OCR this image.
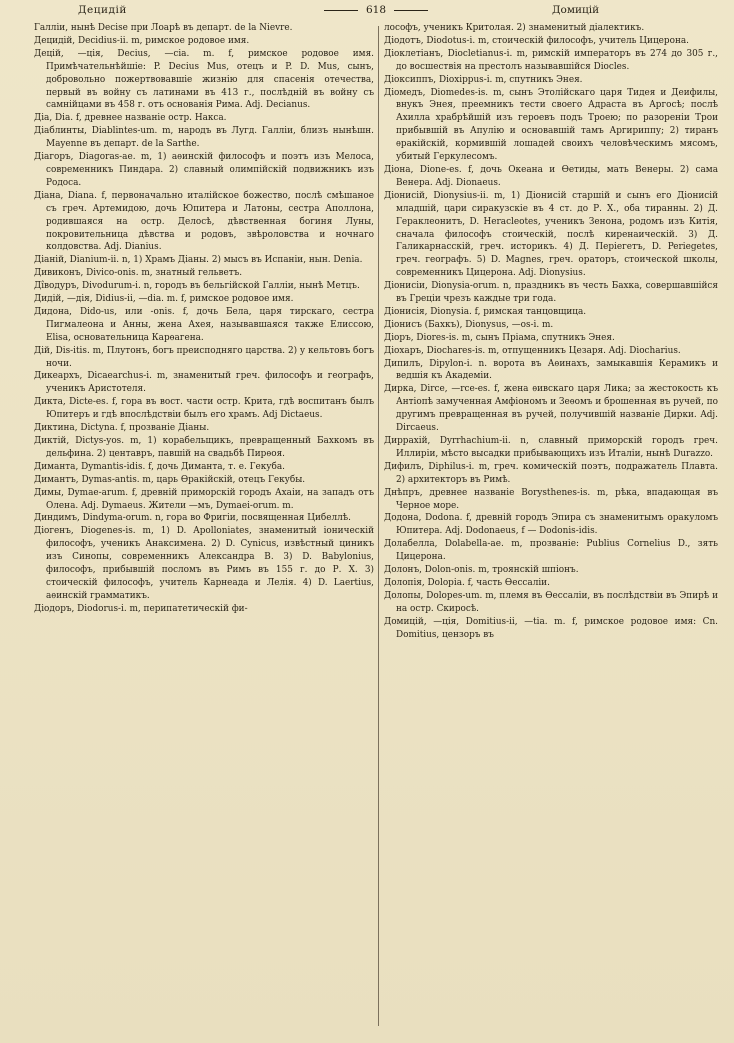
Децидій	618	Домицій

Галліи, нынѣ Decise при Лоарѣ въ департ. de la Nievre.

Децидій, Decidius-ii. m, римское родовое имя.

Децій, —ція, Decius, —cia. m. f, римское родовое имя. Примѣчательнѣйшіе: P. Decius Mus, отецъ и P. D. Mus, сынъ, добровольно пожертвовавшіе жизнію для спасенія отечества, первый въ войну съ латинами въ 413 г., послѣдній въ войну съ самнійцами въ 458 г. отъ основанія Рима. Adj. Decianus.

Діа, Dia. f, древнее названіе остр. Накса.

Діаблинты, Diablintes-um. m, народъ въ Лугд. Галліи, близъ нынѣшн. Mayenne въ департ. de la Sarthe.

Діагоръ, Diagoras-ae. m, 1) аѳинскій философъ и поэтъ изъ Мелоса, современникъ Пиндара. 2) славный олимпійскій подвижникъ изъ Родоса.

Діана, Diana. f, первоначально италійское божество, послѣ смѣшаное съ греч. Артемидою, дочь Юпитера и Латоны, сестра Аполлона, родившаяся на остр. Делосѣ, дѣвственная богиня Луны, покровительница дѣвства и родовъ, звѣроловства и ночнаго колдовства. Adj. Dianius.

Діаній, Dianium-ii. n, 1) Храмъ Діаны. 2) мысъ въ Испаніи, нын. Denia.

Дивиконъ, Divico-onis. m, знатный гельветъ.

Дîводуръ, Divodurum-i. n, городъ въ бельгійской Галліи, нынѣ Метцъ.

Дидій, —дія, Didius-ii, —dia. m. f, римское родовое имя.

Дидона, Dido-us, или -onis. f, дочь Бела, царя тирскаго, сестра Пигмалеона и Анны, жена Ахея, называвшаяся также Елиссою, Elisa, основательница Карѳагена.

Дій, Dis-itis. m, Плутонъ, богъ преисподняго царства. 2) у кельтовъ богъ ночи.

Дикеархъ, Dicaearchus-i. m, знаменитый греч. философъ и географъ, ученикъ Аристотеля.

Дикта, Dicte-es. f, гора въ вост. части остр. Крита, гдѣ воспитанъ былъ Юпитеръ и гдѣ впослѣдствіи былъ его храмъ. Adj Dictaeus.

Диктина, Dictyna. f, прозваніе Діаны.

Диктій, Dictys-yos. m, 1) корабельщикъ, превращенный Бахкомъ въ дельфина. 2) центавръ, павшій на свадьбѣ Пирѳоя.

Диманта, Dymantis-idis. f, дочь Диманта, т. е. Гекуба.

Димантъ, Dymas-antis. m, царь Ѳракійскій, отецъ Гекубы.

Димы, Dymae-arum. f, древній приморскій городъ Ахаіи, на западъ отъ Олена. Adj. Dymaeus. Жители —мъ, Dymaei-orum. m.

Диндимъ, Dindyma-orum. n, гора во Фригіи, посвященная Цибеллѣ.

Діогенъ, Diogenes-is. m, 1) D. Apolloniates, знаменитый іоническій философъ, ученикъ Анаксимена. 2) D. Cynicus, извѣстный циникъ изъ Синопы, современникъ Александра В. 3) D. Babylonius, философъ, прибывшій посломъ въ Римъ въ 155 г. до Р. Х. 3) стоическій философъ, учитель Карнеада и Лелія. 4) D. Laertius, аѳинскій грамматикъ.

Діодоръ, Diodorus-i. m, перипатетическій фи-

лософъ, ученикъ Критолая. 2) знаменитый діалектикъ.

Діодотъ, Diodotus-i. m, стоическій философъ, учитель Цицерона.

Діоклетіанъ, Diocletianus-i. m, римскій императоръ въ 274 до 305 г., до восшествія на престолъ называвшійся Diocles.

Діоксиппъ, Dioxippus-i. m, спутникъ Энея.

Діомедъ, Diomedes-is. m, сынъ Этолійскаго царя Тидея и Деифилы, внукъ Энея, преемникъ тести своего Адраста въ Аргосѣ; послѣ Ахилла храбрѣйшій изъ героевъ подъ Троею; по разореніи Трои прибывшій въ Апулію и основавшій тамъ Аргириппу; 2) тиранъ ѳракійскій, кормившій лошадей своихъ человѣческимъ мясомъ, убитый Геркулесомъ.

Діона, Dione-es. f, дочь Океана и Ѳетиды, мать Венеры. 2) сама Венера. Adj. Dionaeus.

Діонисій, Dionysius-ii. m, 1) Діонисій старшій и сынъ его Діонисій младшій, цари сиракузскіе въ 4 ст. до Р. Х., оба тиранны. 2) Д. Гераклеонитъ, D. Heracleotes, ученикъ Зенона, родомъ изъ Китія, сначала философъ стоическій, послѣ киренаическій. 3) Д. Галикарнасскій, греч. историкъ. 4) Д. Періегетъ, D. Periegetes, греч. географъ. 5) D. Magnes, греч. ораторъ, стоической школы, современникъ Цицерона. Adj. Dionysius.

Діонисіи, Dionysia-orum. n, праздникъ въ честь Бахка, совершавшійся въ Греціи чрезъ каждые три года.

Діонисія, Dionysia. f, римская танцовщица.

Діонисъ (Бахкъ), Dionysus, —os-i. m.

Діоръ, Diores-is. m, сынъ Пріама, спутникъ Энея.

Діохаръ, Diochares-is. m, отпущенникъ Цезаря. Adj. Diocharius.

Дипилъ, Dipylon-i. n. ворота въ Аѳинахъ, замыкавшія Керамикъ и ведшія къ Академіи.

Дирка, Dirce, —rce-es. f, жена ѳивскаго царя Лика; за жестокость къ Антіопѣ замученная Амфіономъ и Зеѳомъ и брошенная въ ручей, по другимъ превращенная въ ручей, получившій названіе Дирки. Adj. Dircaeus.

Диррахій, Dyrrhachium-ii. n, славный приморскій городъ греч. Иллиріи, мѣсто высадки прибывающихъ изъ Италіи, нынѣ Durazzo.

Дифилъ, Diphilus-i. m, греч. комическій поэтъ, подражатель Плавта. 2) архитекторъ въ Римѣ.

Днѣпръ, древнее названіе Borysthenes-is. m, рѣка, впадающая въ Черное море.

Додона, Dodona. f, древній городъ Эпира съ знаменитымъ оракуломъ Юпитера. Adj. Dodonaeus, f — Dodonis-idis.

Долабелла, Dolabella-ae. m, прозваніе: Publius Cornelius D., зять Цицерона.

Долонъ, Dolon-onis. m, троянскій шпіонъ.

Долопія, Dolopia. f, часть Ѳессаліи.

Долопы, Dolopes-um. m, племя въ Ѳессаліи, въ послѣдствіи въ Эпирѣ и на остр. Скиросѣ.

Домицій, —ція, Domitius-ii, —tia. m. f, римское родовое имя: Cn. Domitius, цензоръ въ
